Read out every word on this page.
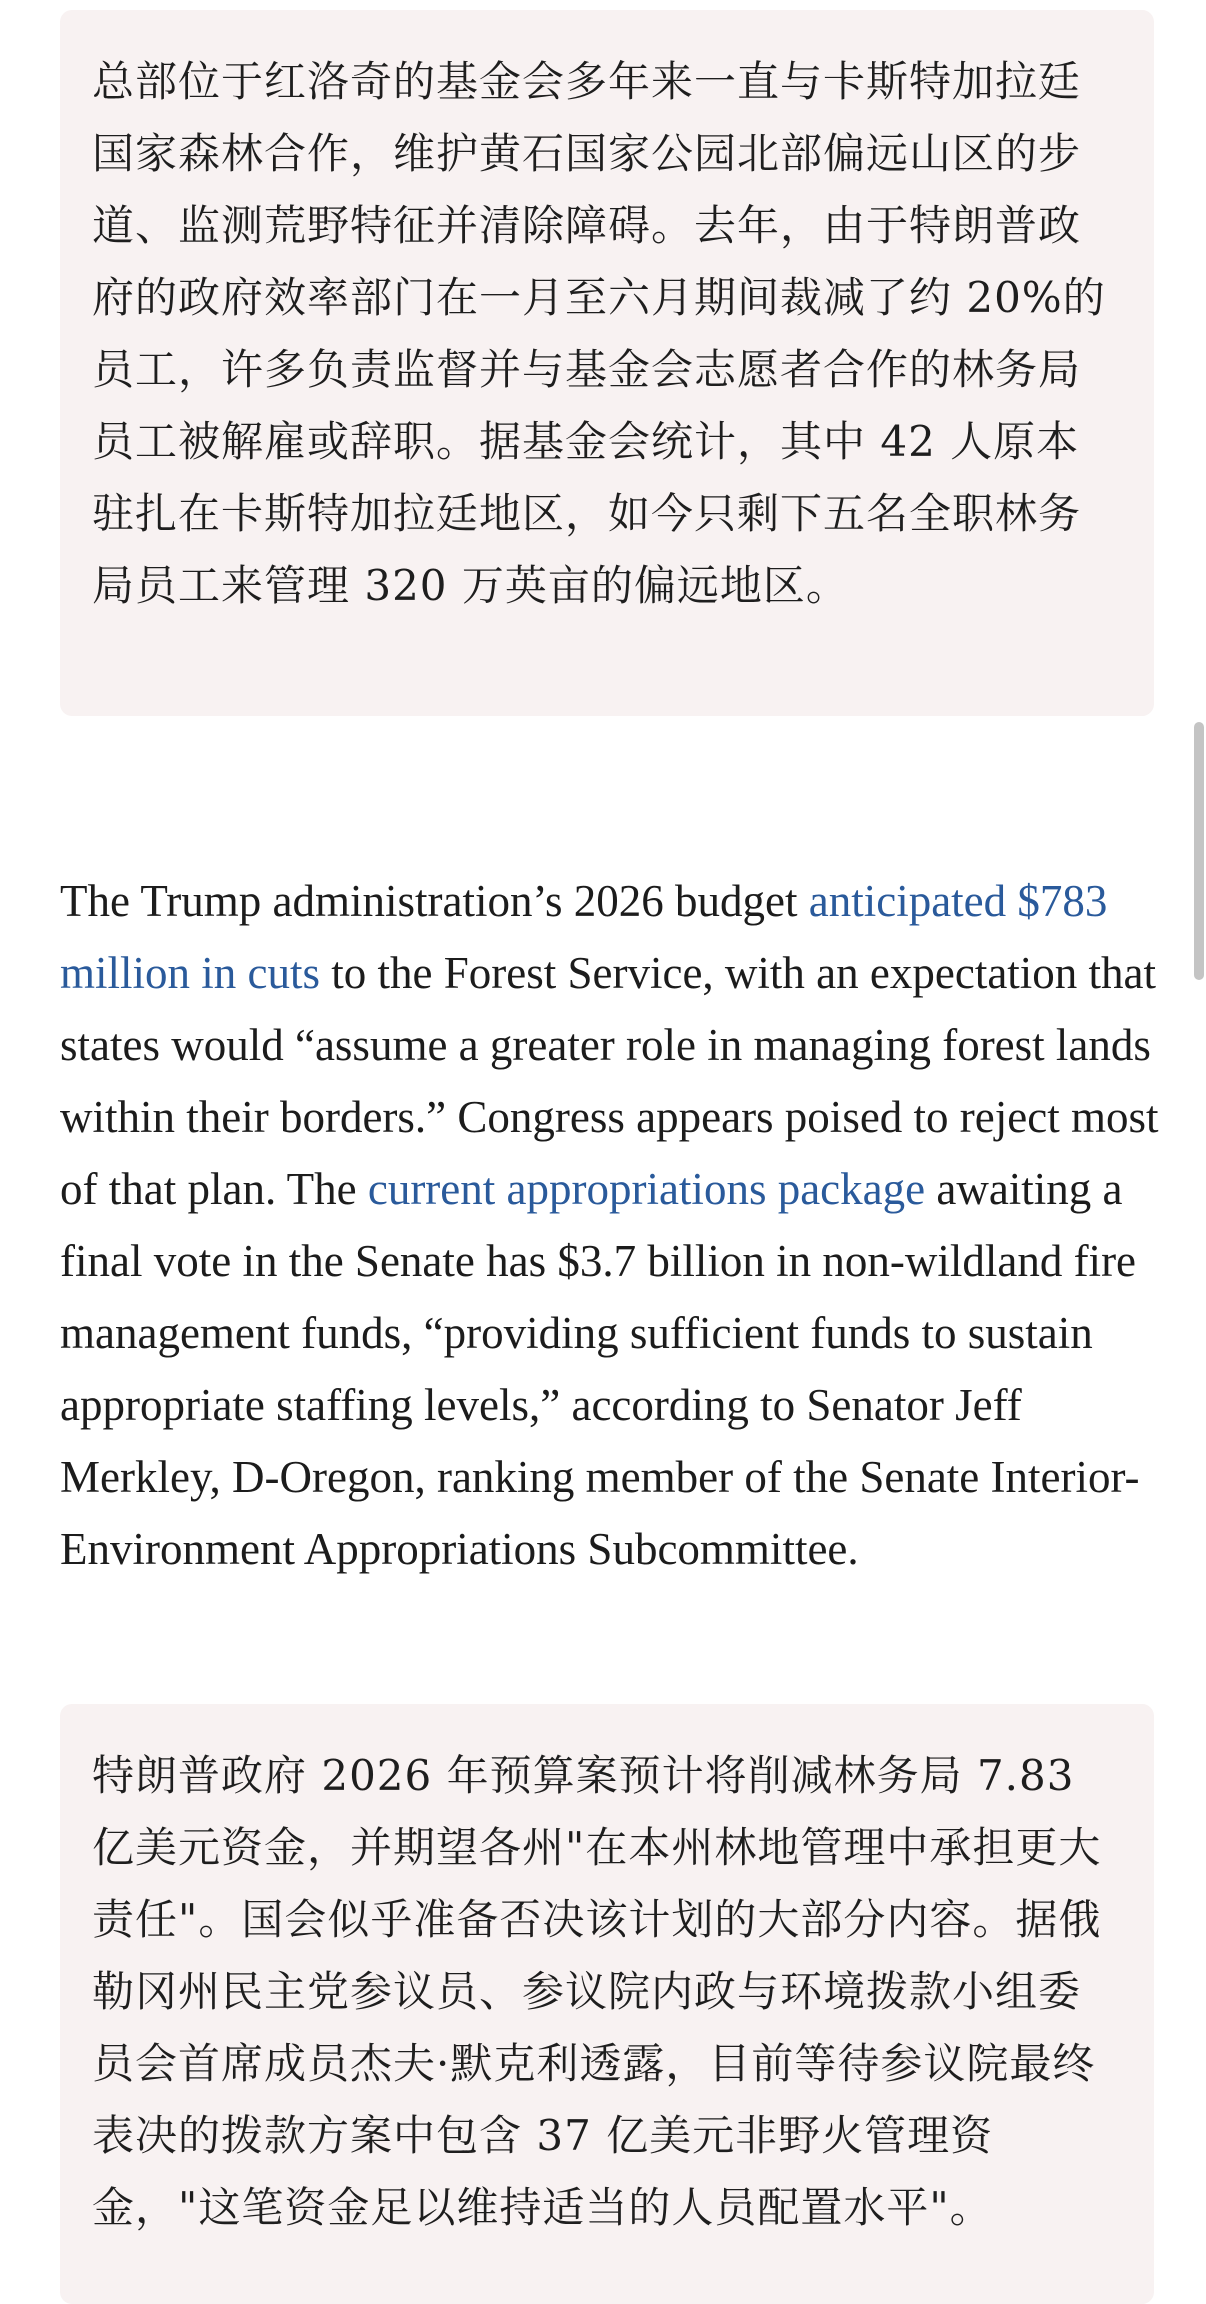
总部位于红洛奇的基金会多年来一直与卡斯特加拉廷国家森林合作，维护黄石国家公园北部偏远山区的步道、监测荒野特征并清除障碍。去年，由于特朗普政府的政府效率部门在一月至六月期间裁减了约 20%的员工，许多负责监督并与基金会志愿者合作的林务局员工被解雇或辞职。据基金会统计，其中 42 人原本驻扎在卡斯特加拉廷地区，如今只剩下五名全职林务局员工来管理 320 万英亩的偏远地区。

The Trump administration’s 2026 budget anticipated $783 million in cuts to the Forest Service, with an expectation that states would “assume a greater role in managing forest lands within their borders.” Congress appears poised to reject most of that plan. The current appropriations package awaiting a final vote in the Senate has $3.7 billion in non-wildland fire management funds, “providing sufficient funds to sustain appropriate staffing levels,” according to Senator Jeff Merkley, D-Oregon, ranking member of the Senate Interior-Environment Appropriations Subcommittee.

特朗普政府 2026 年预算案预计将削减林务局 7.83 亿美元资金，并期望各州"在本州林地管理中承担更大责任"。国会似乎准备否决该计划的大部分内容。据俄勒冈州民主党参议员、参议院内政与环境拨款小组委员会首席成员杰夫·默克利透露，目前等待参议院最终表决的拨款方案中包含 37 亿美元非野火管理资金，"这笔资金足以维持适当的人员配置水平"。
